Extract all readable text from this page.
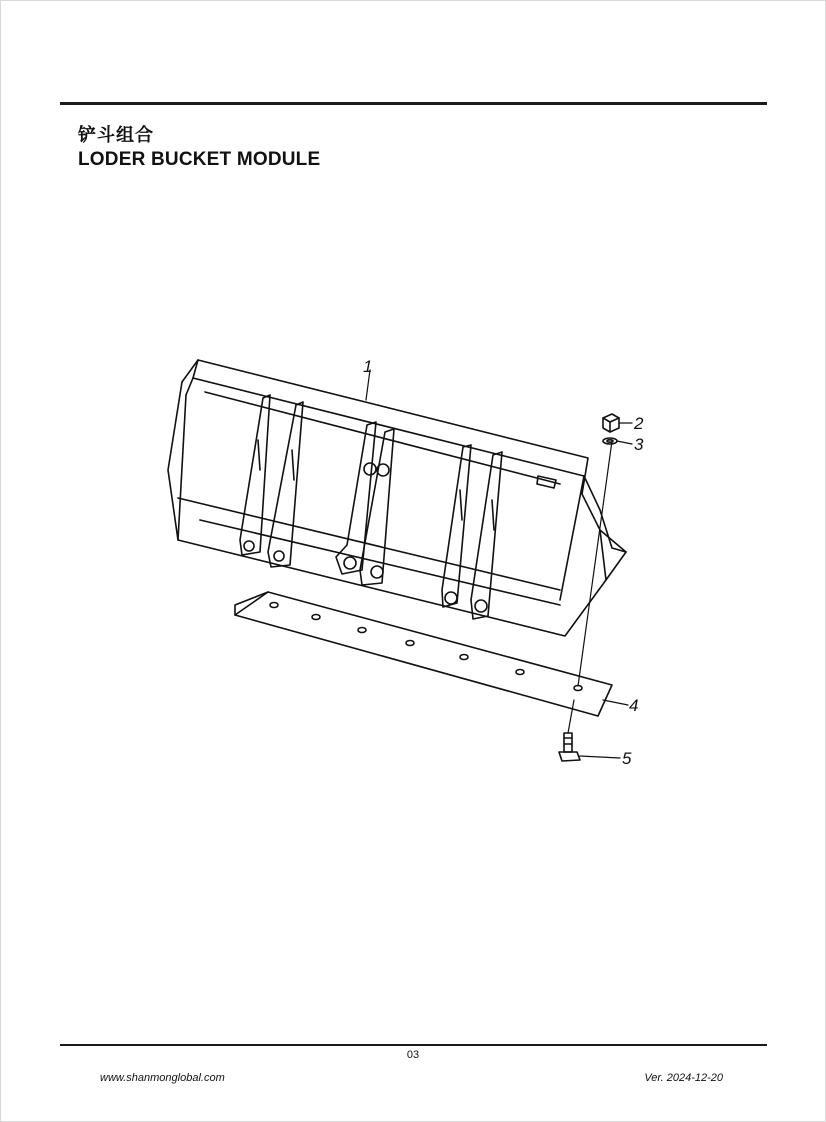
铲斗组合
LODER BUCKET MODULE
1
2
3
4
5
03
www.shanmonglobal.com	Ver. 2024-12-20
